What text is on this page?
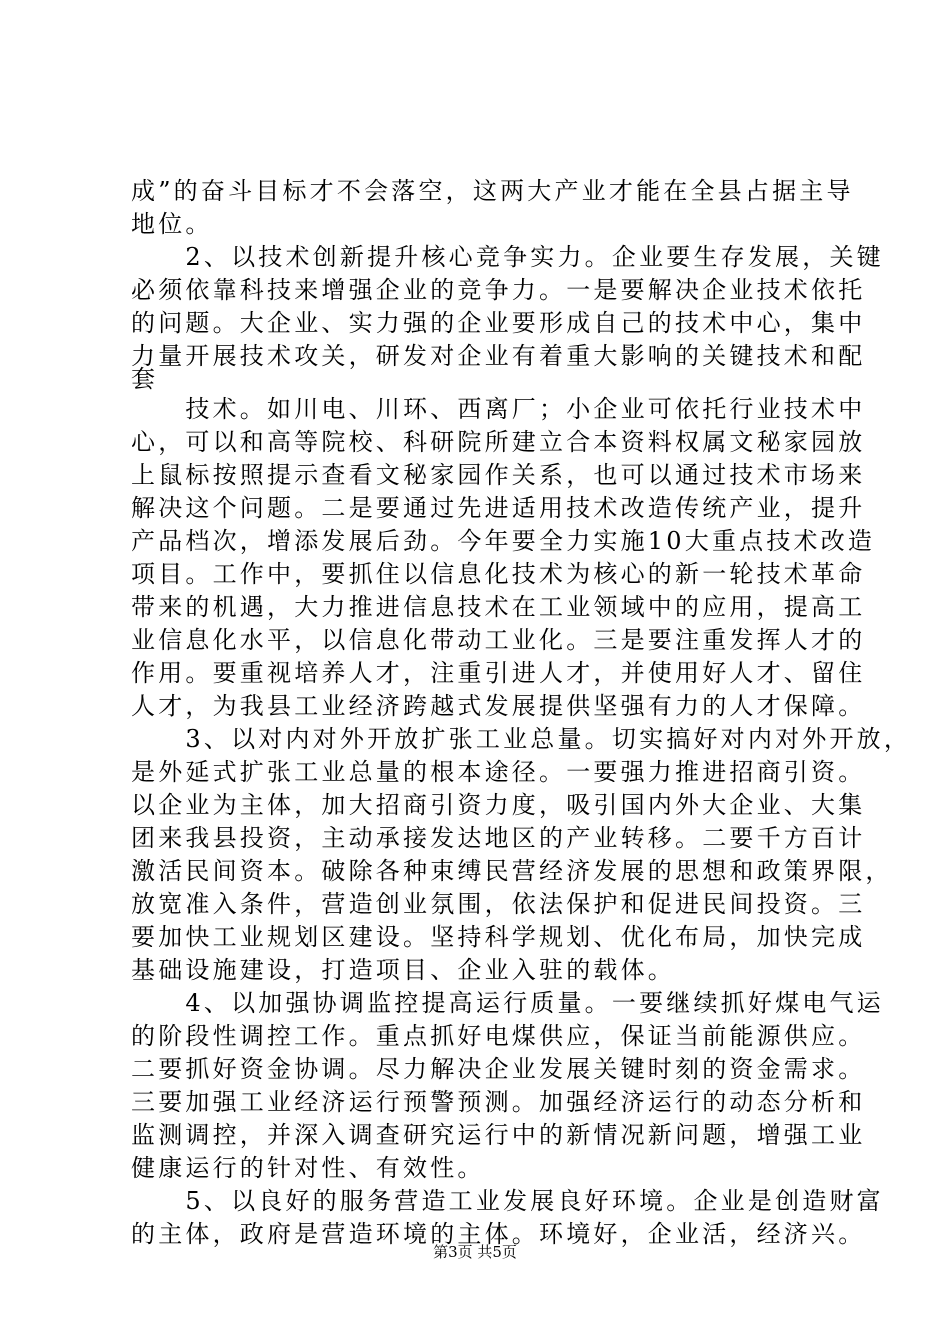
成”的奋斗目标才不会落空，这两大产业才能在全县占据主导
地位。
　　2、以技术创新提升核心竞争实力。企业要生存发展，关键
必须依靠科技来增强企业的竞争力。一是要解决企业技术依托
的问题。大企业、实力强的企业要形成自己的技术中心，集中
力量开展技术攻关，研发对企业有着重大影响的关键技术和配
套
　　技术。如川电、川环、西离厂；小企业可依托行业技术中
心，可以和高等院校、科研院所建立合本资料权属文秘家园放
上鼠标按照提示查看文秘家园作关系，也可以通过技术市场来
解决这个问题。二是要通过先进适用技术改造传统产业，提升
产品档次，增添发展后劲。今年要全力实施10大重点技术改造
项目。工作中，要抓住以信息化技术为核心的新一轮技术革命
带来的机遇，大力推进信息技术在工业领域中的应用，提高工
业信息化水平，以信息化带动工业化。三是要注重发挥人才的
作用。要重视培养人才，注重引进人才，并使用好人才、留住
人才，为我县工业经济跨越式发展提供坚强有力的人才保障。
　　3、以对内对外开放扩张工业总量。切实搞好对内对外开放，
是外延式扩张工业总量的根本途径。一要强力推进招商引资。
以企业为主体，加大招商引资力度，吸引国内外大企业、大集
团来我县投资，主动承接发达地区的产业转移。二要千方百计
激活民间资本。破除各种束缚民营经济发展的思想和政策界限，
放宽准入条件，营造创业氛围，依法保护和促进民间投资。三
要加快工业规划区建设。坚持科学规划、优化布局，加快完成
基础设施建设，打造项目、企业入驻的载体。
　　4、以加强协调监控提高运行质量。一要继续抓好煤电气运
的阶段性调控工作。重点抓好电煤供应，保证当前能源供应。
二要抓好资金协调。尽力解决企业发展关键时刻的资金需求。
三要加强工业经济运行预警预测。加强经济运行的动态分析和
监测调控，并深入调查研究运行中的新情况新问题，增强工业
健康运行的针对性、有效性。
　　5、以良好的服务营造工业发展良好环境。企业是创造财富
的主体，政府是营造环境的主体。环境好，企业活，经济兴。
第3页 共5页
